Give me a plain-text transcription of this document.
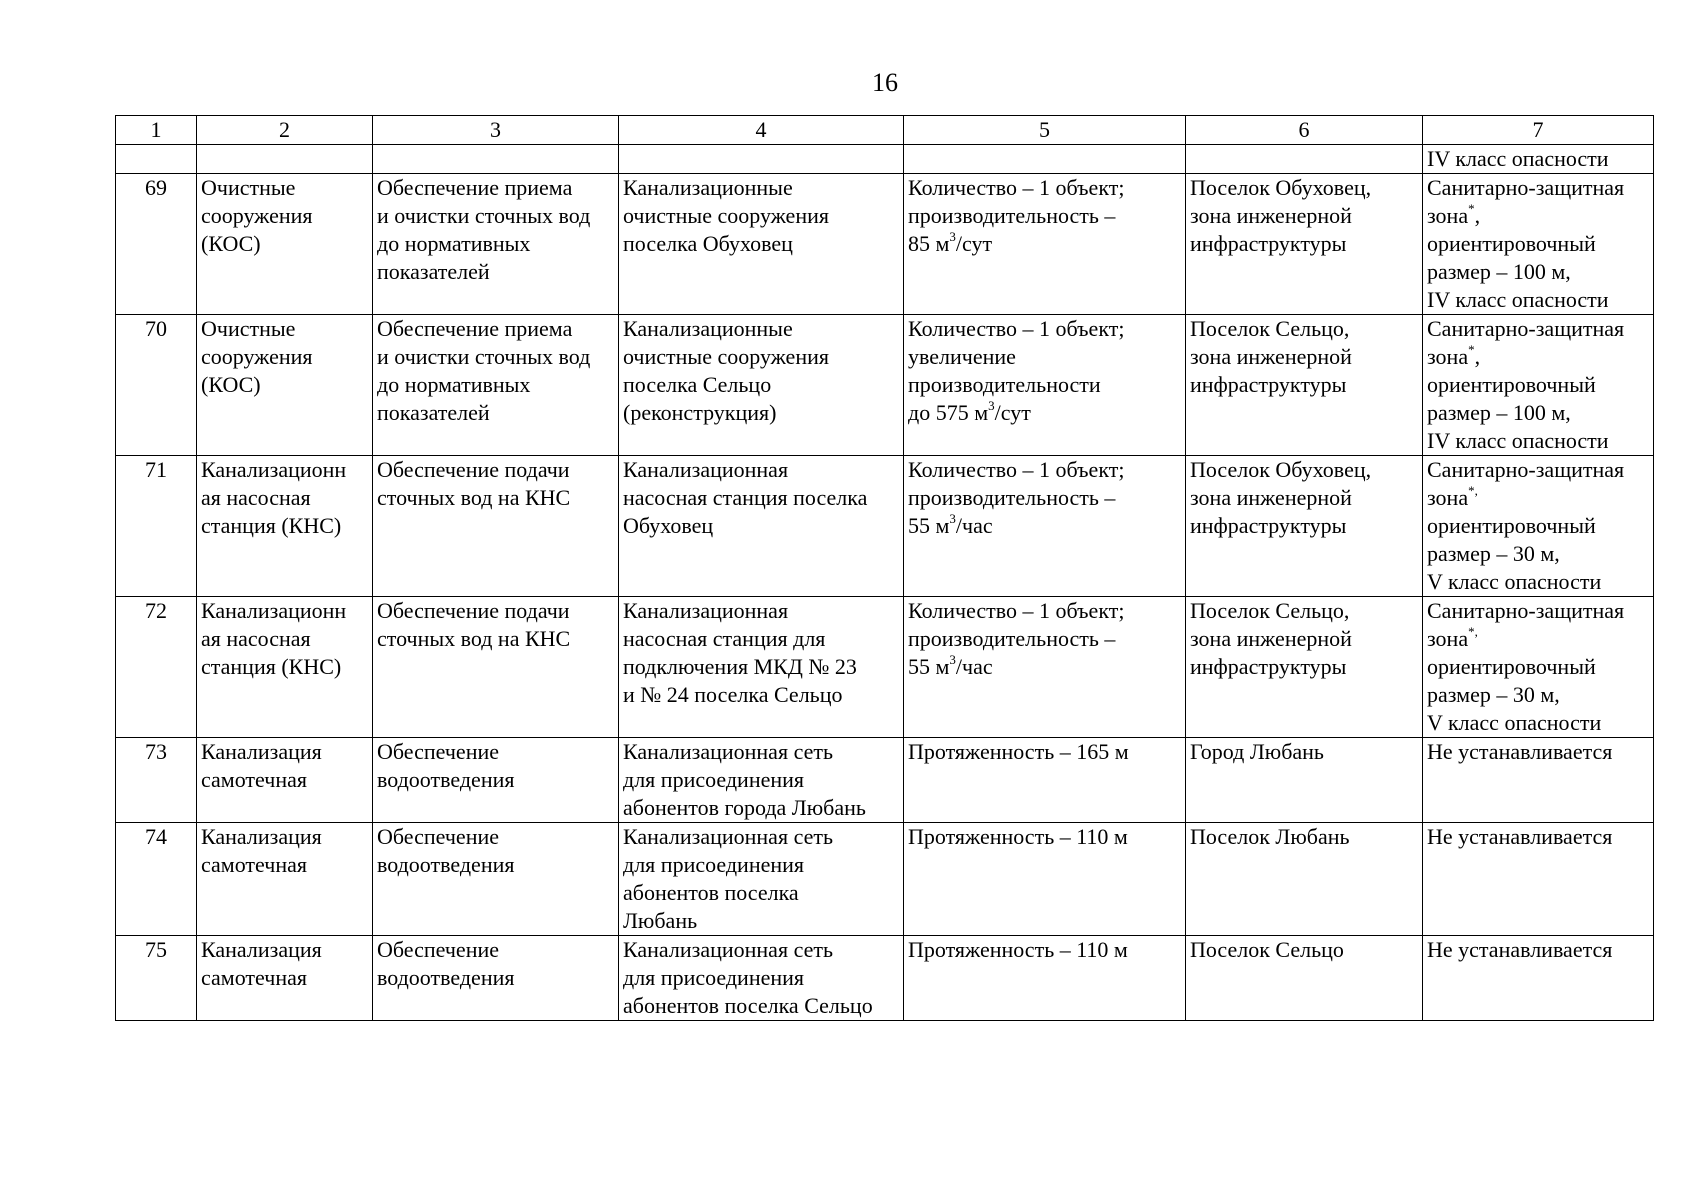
16
1	2	3	4	5	6	7
						IV класс опасности
69	Очистные
сооружения
(КОС)	Обеспечение приема
и очистки сточных вод
до нормативных
показателей	Канализационные
очистные сооружения
поселка Обуховец	Количество – 1 объект;
производительность –
85 $м^3$/сут	Поселок Обуховец,
зона инженерной
инфраструктуры	Санитарно-защитная
зона*,
ориентировочный
размер – 100 м,
IV класс опасности
70	Очистные
сооружения
(КОС)	Обеспечение приема
и очистки сточных вод
до нормативных
показателей	Канализационные
очистные сооружения
поселка Сельцо
(реконструкция)	Количество – 1 объект;
увеличение
производительности
до 575 $м^3$/сут	Поселок Сельцо,
зона инженерной
инфраструктуры	Санитарно-защитная
зона*,
ориентировочный
размер – 100 м,
IV класс опасности
71	Канализационн
ая насосная
станция (КНС)	Обеспечение подачи
сточных вод на КНС	Канализационная
насосная станция поселка
Обуховец	Количество – 1 объект;
производительность –
55 $м^3$/час	Поселок Обуховец,
зона инженерной
инфраструктуры	Санитарно-защитная
зона*,
ориентировочный
размер – 30 м,
V класс опасности
72	Канализационн
ая насосная
станция (КНС)	Обеспечение подачи
сточных вод на КНС	Канализационная
насосная станция для
подключения МКД № 23
и № 24 поселка Сельцо	Количество – 1 объект;
производительность –
55 $м^3$/час	Поселок Сельцо,
зона инженерной
инфраструктуры	Санитарно-защитная
зона*,
ориентировочный
размер – 30 м,
V класс опасности
73	Канализация
самотечная	Обеспечение
водоотведения	Канализационная сеть
для присоединения
абонентов города Любань	Протяженность – 165 м	Город Любань	Не устанавливается
74	Канализация
самотечная	Обеспечение
водоотведения	Канализационная сеть
для присоединения
абонентов поселка
Любань	Протяженность – 110 м	Поселок Любань	Не устанавливается
75	Канализация
самотечная	Обеспечение
водоотведения	Канализационная сеть
для присоединения
абонентов поселка Сельцо	Протяженность – 110 м	Поселок Сельцо	Не устанавливается
